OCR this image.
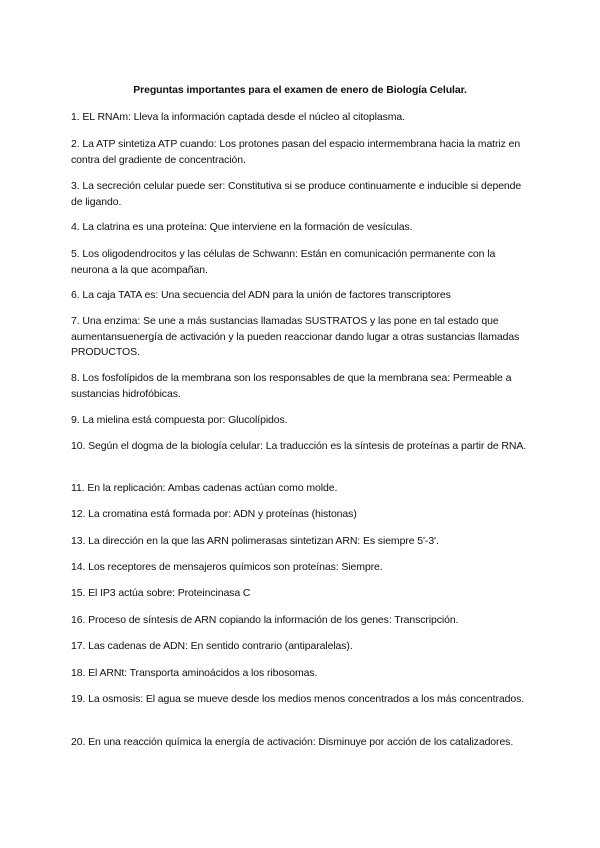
Preguntas importantes para el examen de enero de Biología Celular.
1. EL RNAm: Lleva la información captada desde el núcleo al citoplasma.
2. La ATP sintetiza ATP cuando: Los protones pasan del espacio intermembrana hacia la matriz en contra del gradiente de concentración.
3. La secreción celular puede ser: Constitutiva si se produce continuamente e inducible si depende de ligando.
4. La clatrina es una proteína: Que interviene en la formación de vesículas.
5. Los oligodendrocitos y las células de Schwann: Están en comunicación permanente con la neurona a la que acompañan.
6. La caja TATA es: Una secuencia del ADN para la unión de factores transcriptores
7. Una enzima: Se une a más sustancias llamadas SUSTRATOS y las pone en tal estado que aumentansuenergía de activación y la pueden reaccionar dando lugar a otras sustancias llamadas PRODUCTOS.
8. Los fosfolípidos de la membrana son los responsables de que la membrana sea: Permeable a sustancias hidrofóbicas.
9. La mielina está compuesta por: Glucolípidos.
10. Según el dogma de la biología celular: La traducción es la síntesis de proteínas a partir de RNA.
11. En la replicación: Ambas cadenas actúan como molde.
12. La cromatina está formada por: ADN y proteínas (histonas)
13. La dirección en la que las ARN polimerasas sintetizan ARN: Es siempre 5'-3'.
14. Los receptores de mensajeros químicos son proteínas: Siempre.
15. El IP3 actúa sobre: Proteincinasa C
16. Proceso de síntesis de ARN copiando la información de los genes: Transcripción.
17. Las cadenas de ADN: En sentido contrario (antiparalelas).
18. El ARNt: Transporta aminoácidos a los ribosomas.
19. La osmosis: El agua se mueve desde los medios menos concentrados a los más concentrados.
20. En una reacción química la energía de activación: Disminuye por acción de los catalizadores.
